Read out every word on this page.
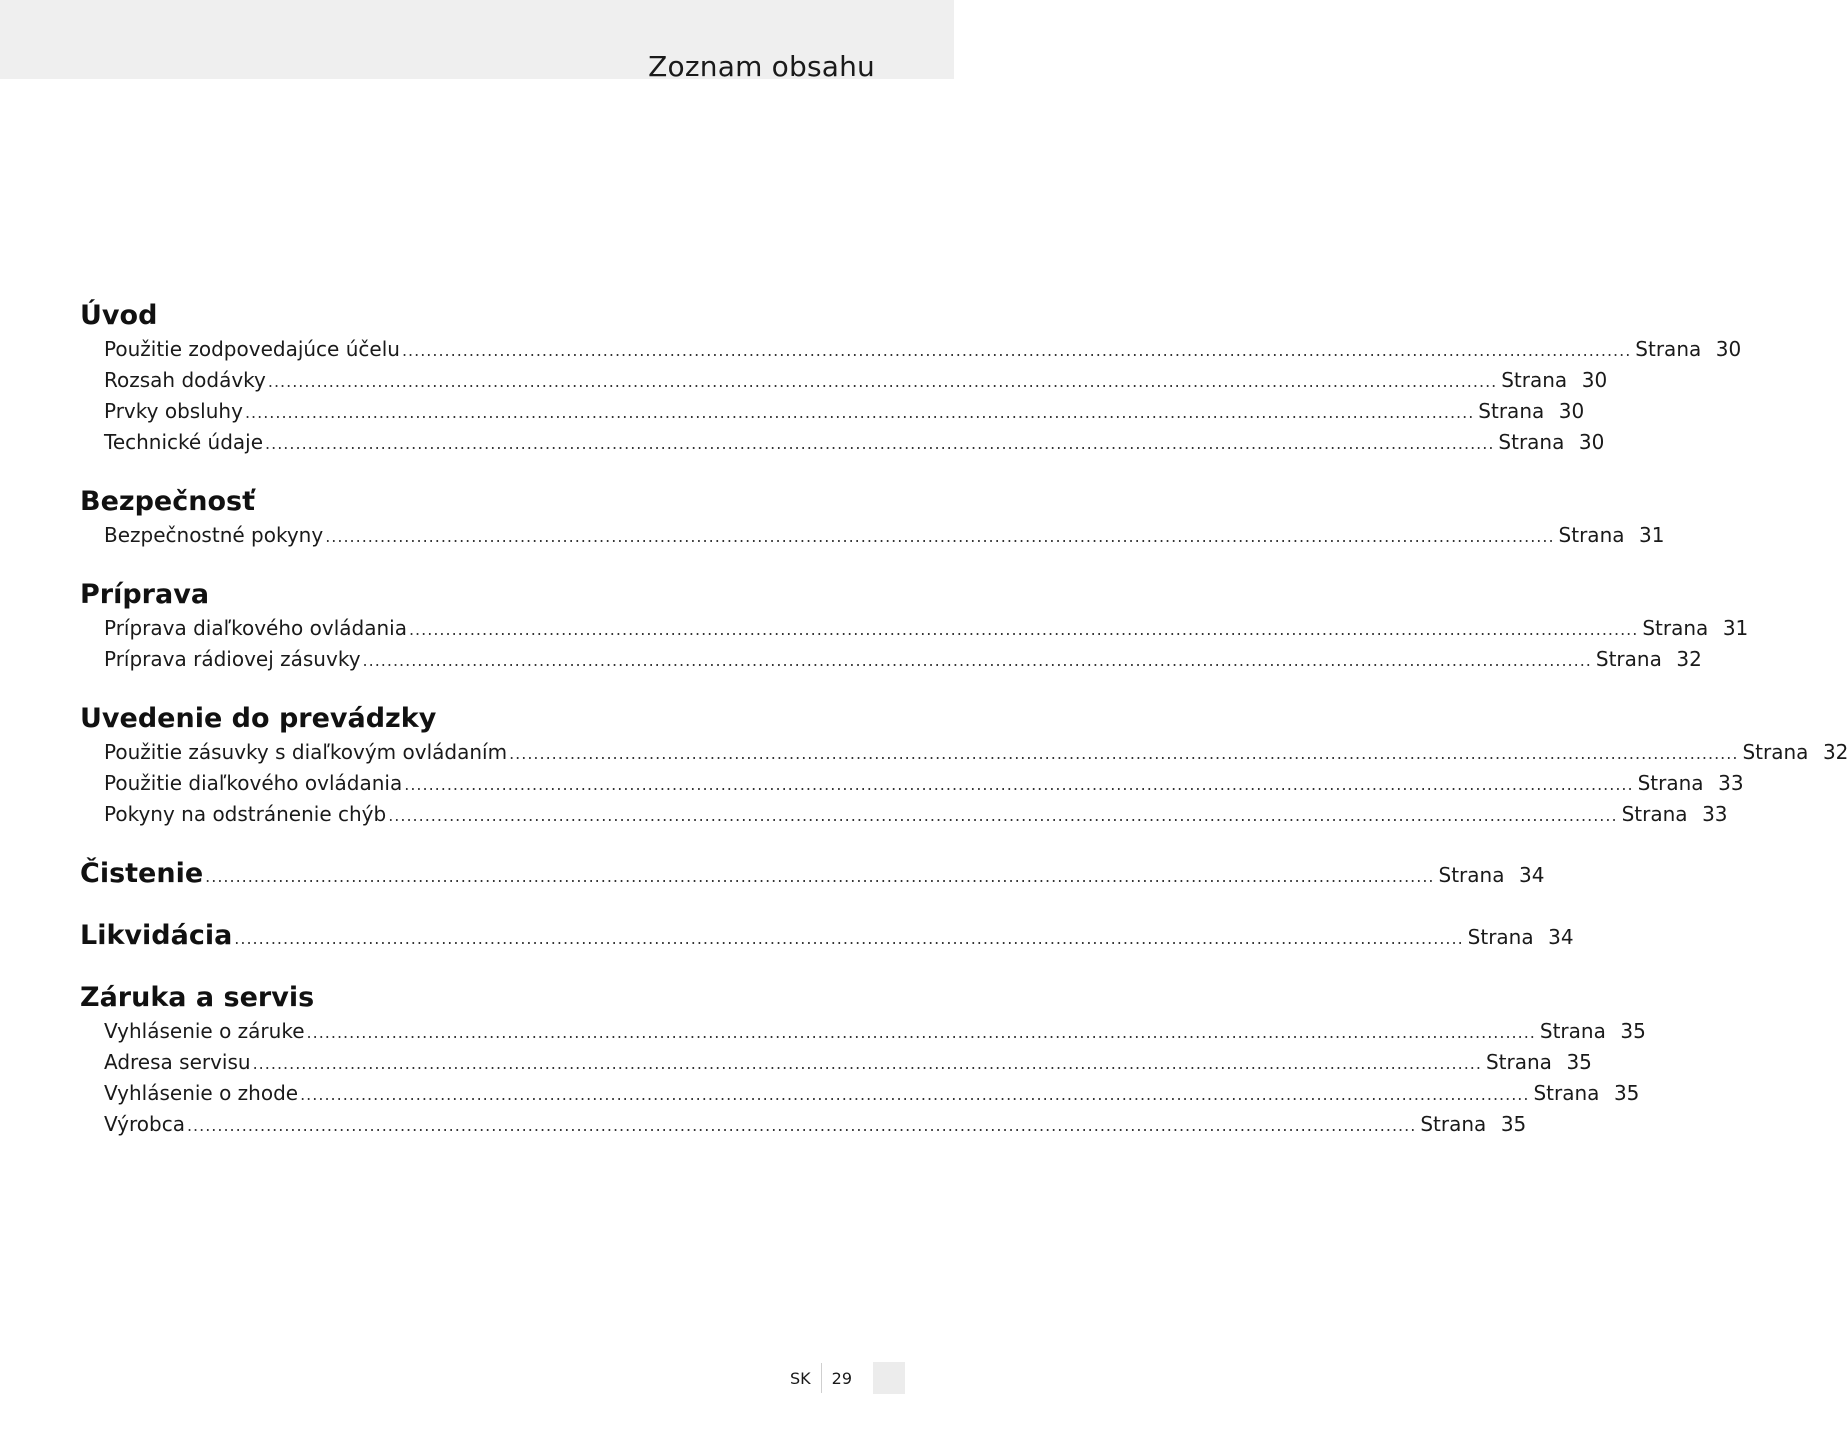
Zoznam obsahu
Úvod
Použitie zodpovedajúce účelu .......................................................................................................................................................................................................... Strana 30
Rozsah dodávky .......................................................................................................................................................................................................... Strana 30
Prvky obsluhy .......................................................................................................................................................................................................... Strana 30
Technické údaje .......................................................................................................................................................................................................... Strana 30
Bezpečnosť
Bezpečnostné pokyny .......................................................................................................................................................................................................... Strana 31
Príprava
Príprava diaľkového ovládania .......................................................................................................................................................................................................... Strana 31
Príprava rádiovej zásuvky .......................................................................................................................................................................................................... Strana 32
Uvedenie do prevádzky
Použitie zásuvky s diaľkovým ovládaním .......................................................................................................................................................................................................... Strana 32
Použitie diaľkového ovládania .......................................................................................................................................................................................................... Strana 33
Pokyny na odstránenie chýb .......................................................................................................................................................................................................... Strana 33
Čistenie .......................................................................................................................................................................................................... Strana 34
Likvidácia .......................................................................................................................................................................................................... Strana 34
Záruka a servis
Vyhlásenie o záruke .......................................................................................................................................................................................................... Strana 35
Adresa servisu .......................................................................................................................................................................................................... Strana 35
Vyhlásenie o zhode .......................................................................................................................................................................................................... Strana 35
Výrobca .......................................................................................................................................................................................................... Strana 35
SK	29
